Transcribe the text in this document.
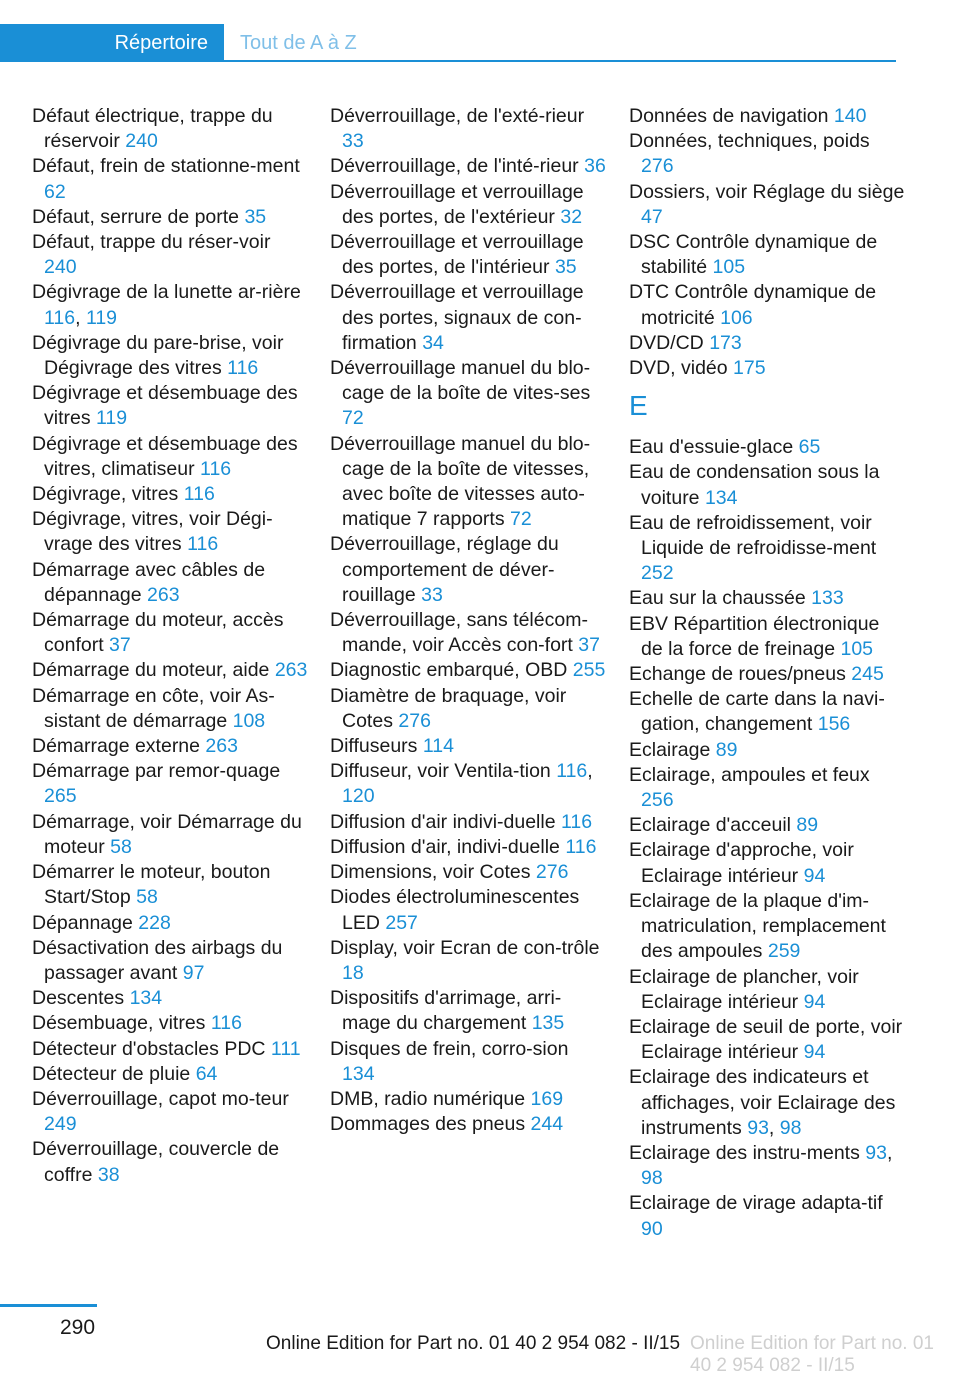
Répertoire	Tout de A à Z
Défaut électrique, trappe du réservoir 240
Défaut, frein de stationne-ment 62
Défaut, serrure de porte 35
Défaut, trappe du réser-voir 240
Dégivrage de la lunette ar-rière 116, 119
Dégivrage du pare-brise, voir Dégivrage des vitres 116
Dégivrage et désembuage des vitres 119
Dégivrage et désembuage des vitres, climatiseur 116
Dégivrage, vitres 116
Dégivrage, vitres, voir Dégi-vrage des vitres 116
Démarrage avec câbles de dépannage 263
Démarrage du moteur, accès confort 37
Démarrage du moteur, aide 263
Démarrage en côte, voir As-sistant de démarrage 108
Démarrage externe 263
Démarrage par remor-quage 265
Démarrage, voir Démarrage du moteur 58
Démarrer le moteur, bouton Start/Stop 58
Dépannage 228
Désactivation des airbags du passager avant 97
Descentes 134
Désembuage, vitres 116
Détecteur d'obstacles PDC 111
Détecteur de pluie 64
Déverrouillage, capot mo-teur 249
Déverrouillage, couvercle de coffre 38
Déverrouillage, de l'exté-rieur 33
Déverrouillage, de l'inté-rieur 36
Déverrouillage et verrouillage des portes, de l'extérieur 32
Déverrouillage et verrouillage des portes, de l'intérieur 35
Déverrouillage et verrouillage des portes, signaux de con-firmation 34
Déverrouillage manuel du blo-cage de la boîte de vites-ses 72
Déverrouillage manuel du blo-cage de la boîte de vitesses, avec boîte de vitesses auto-matique 7 rapports 72
Déverrouillage, réglage du comportement de déver-rouillage 33
Déverrouillage, sans télécom-mande, voir Accès con-fort 37
Diagnostic embarqué, OBD 255
Diamètre de braquage, voir Cotes 276
Diffuseurs 114
Diffuseur, voir Ventila-tion 116, 120
Diffusion d'air indivi-duelle 116
Diffusion d'air, indivi-duelle 116
Dimensions, voir Cotes 276
Diodes électroluminescentes LED 257
Display, voir Ecran de con-trôle 18
Dispositifs d'arrimage, arri-mage du chargement 135
Disques de frein, corro-sion 134
DMB, radio numérique 169
Dommages des pneus 244
Données de navigation 140
Données, techniques, poids 276
Dossiers, voir Réglage du siège 47
DSC Contrôle dynamique de stabilité 105
DTC Contrôle dynamique de motricité 106
DVD/CD 173
DVD, vidéo 175
E
Eau d'essuie-glace 65
Eau de condensation sous la voiture 134
Eau de refroidissement, voir Liquide de refroidisse-ment 252
Eau sur la chaussée 133
EBV Répartition électronique de la force de freinage 105
Echange de roues/pneus 245
Echelle de carte dans la navi-gation, changement 156
Eclairage 89
Eclairage, ampoules et feux 256
Eclairage d'acceuil 89
Eclairage d'approche, voir Eclairage intérieur 94
Eclairage de la plaque d'im-matriculation, remplacement des ampoules 259
Eclairage de plancher, voir Eclairage intérieur 94
Eclairage de seuil de porte, voir Eclairage intérieur 94
Eclairage des indicateurs et affichages, voir Eclairage des instruments 93, 98
Eclairage des instru-ments 93, 98
Eclairage de virage adapta-tif 90
290
Online Edition for Part no. 01 40 2 954 082 - II/15
Online Edition for Part no. 01 40 2 954 082 - II/15
